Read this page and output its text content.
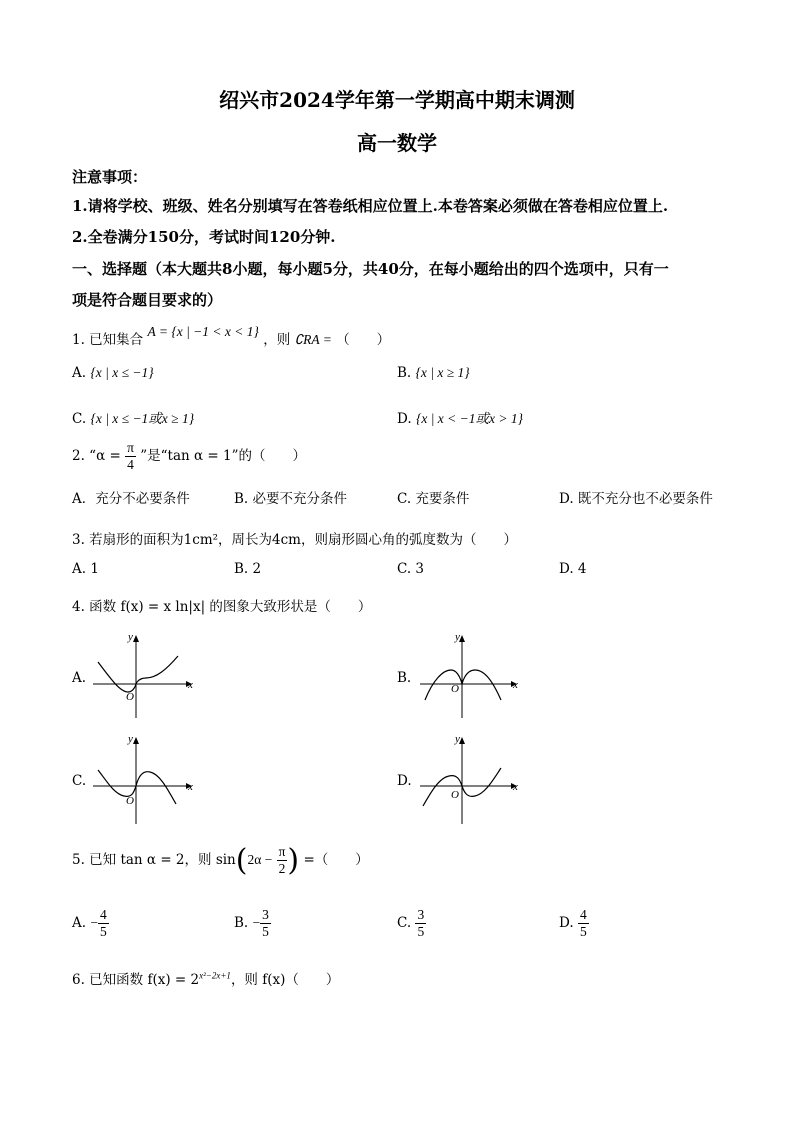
绍兴市2024学年第一学期高中期末调测
高一数学
注意事项：
1.请将学校、班级、姓名分别填写在答卷纸相应位置上.本卷答案必须做在答卷相应位置上.
2.全卷满分150分，考试时间120分钟.
一、选择题（本大题共8小题，每小题5分，共40分，在每小题给出的四个选项中，只有一
项是符合题目要求的）
1. 已知集合 A = {x | −1 < x < 1} ，则 ∁RA = （　　）
A. {x | x ≤ −1}	B. {x | x ≥ 1}
C. {x | x ≤ −1或x ≥ 1}	D. {x | x < −1或x > 1}
2. “$\alpha = \frac{\pi}{4}$ ”是“tan α = 1”的（　　）
A．充分不必要条件	B. 必要不充分条件	C. 充要条件	D. 既不充分也不必要条件
3. 若扇形的面积为1cm²，周长为4cm，则扇形圆心角的弧度数为（　　）
A. 1	B. 2	C. 3	D. 4
4. 函数 f(x) = x ln|x| 的图象大致形状是（　　）
A.
y
x
O
B.
y
x
O
C.
y
x
O
D.
y
x
O
5. 已知 tan α = 2，则 $\sin(2\alpha - \frac{\pi}{2}$ ) =（　　）
A. − $\frac{4}{5}$	B. − $\frac{3}{5}$	C. $\frac{3}{5}$	D. $\frac{4}{5}$
6. 已知函数 $f(x) = 2^{x^2-2x+1}$，则 f(x)（　　）
